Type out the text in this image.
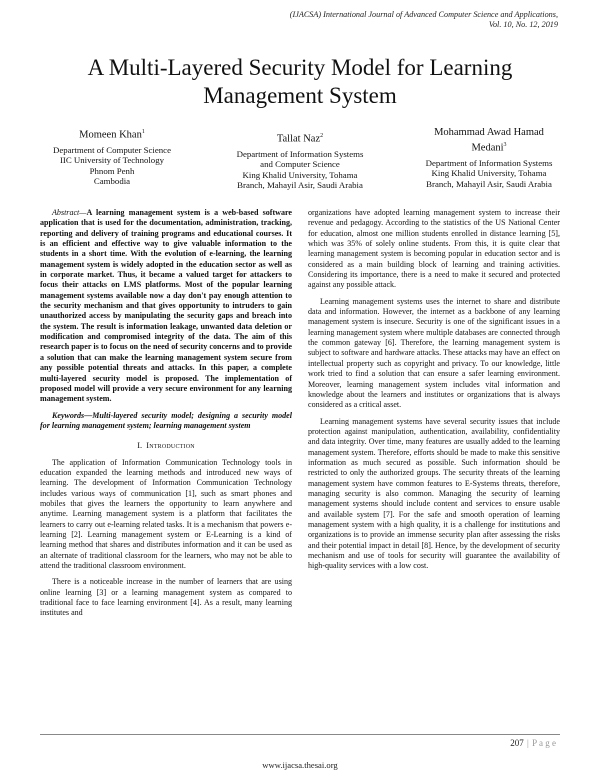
(IJACSA) International Journal of Advanced Computer Science and Applications,
Vol. 10, No. 12, 2019
A Multi-Layered Security Model for Learning
Management System
Momeen Khan$^1$
Department of Computer Science
IIC University of Technology
Phnom Penh
Cambodia
Tallat Naz$^2$
Department of Information Systems
and Computer Science
King Khalid University, Tohama
Branch, Mahayil Asir, Saudi Arabia
Mohammad Awad Hamad
Medani$^3$
Department of Information Systems
King Khalid University, Tohama
Branch, Mahayil Asir, Saudi Arabia

Abstract—A learning management system is a web-based software application that is used for the documentation, administration, tracking, reporting and delivery of training programs and educational courses. It is an efficient and effective way to give valuable information to the students in a short time. With the evolution of e-learning, the learning management system is widely adopted in the education sector as well as in corporate market. Thus, it became a valued target for attackers to focus their attacks on LMS platforms. Most of the popular learning management systems available now a day don't pay enough attention to the security mechanism and that gives opportunity to intruders to gain unauthorized access by manipulating the security gaps and breach into the system. The result is information leakage, unwanted data deletion or modification and compromised integrity of the data. The aim of this research paper is to focus on the need of security concerns and to provide a solution that can make the learning management system secure from any possible potential threats and attacks. In this paper, a complete multi-layered security model is proposed. The implementation of proposed model will provide a very secure environment for any learning management system.

Keywords—Multi-layered security model; designing a security model for learning management system; learning management system

I. Introduction

The application of Information Communication Technology tools in education expanded the learning methods and introduced new ways of learning. The development of Information Communication Technology includes various ways of communication [1], such as smart phones and mobiles that gives the learners the opportunity to learn anywhere and anytime. Learning management system is a platform that facilitates the learners to carry out e-learning related tasks. It is a mechanism that powers e-learning [2]. Learning management system or E-Learning is a kind of learning method that shares and distributes information and it can be used as an alternate of traditional classroom for the learners, who may not be able to attend the traditional classroom environment.

There is a noticeable increase in the number of learners that are using online learning [3] or a learning management system as compared to traditional face to face learning environment [4]. As a result, many learning institutes and

organizations have adopted learning management system to increase their revenue and pedagogy. According to the statistics of the US National Center for education, almost one million students enrolled in distance learning [5], which was 35% of solely online students. From this, it is quite clear that learning management system is becoming popular in education sector and is considered as a main building block of learning and training activities. Considering its importance, there is a need to make it secured and protected against any possible attack.

Learning management systems uses the internet to share and distribute data and information. However, the internet as a backbone of any learning management system is insecure. Security is one of the significant issues in a learning management system where multiple databases are connected through the common gateway [6]. Therefore, the learning management system is subject to software and hardware attacks. These attacks may have an effect on intellectual property such as copyright and privacy. To our knowledge, little work tried to find a solution that can ensure a safer learning environment. Moreover, learning management system includes vital information and knowledge about the learners and institutes or organizations that is always considered as a critical asset.

Learning management systems have several security issues that include protection against manipulation, authentication, availability, confidentiality and data integrity. Over time, many features are usually added to the learning management system. Therefore, efforts should be made to make this sensitive information as much secured as possible. Such information should be restricted to only the authorized groups. The security threats of the learning management system have common features to E-Systems threats, therefore, managing security is also common. Managing the security of learning management systems should include content and services to ensure usable and available system [7]. For the safe and smooth operation of learning management system with a high quality, it is a challenge for institutions and organizations is to provide an immense security plan after assessing the risks and their potential impact in detail [8]. Hence, by the development of security mechanism and use of tools for security will guarantee the availability of high-quality services with a low cost.

207 | P a g e
www.ijacsa.thesai.org
